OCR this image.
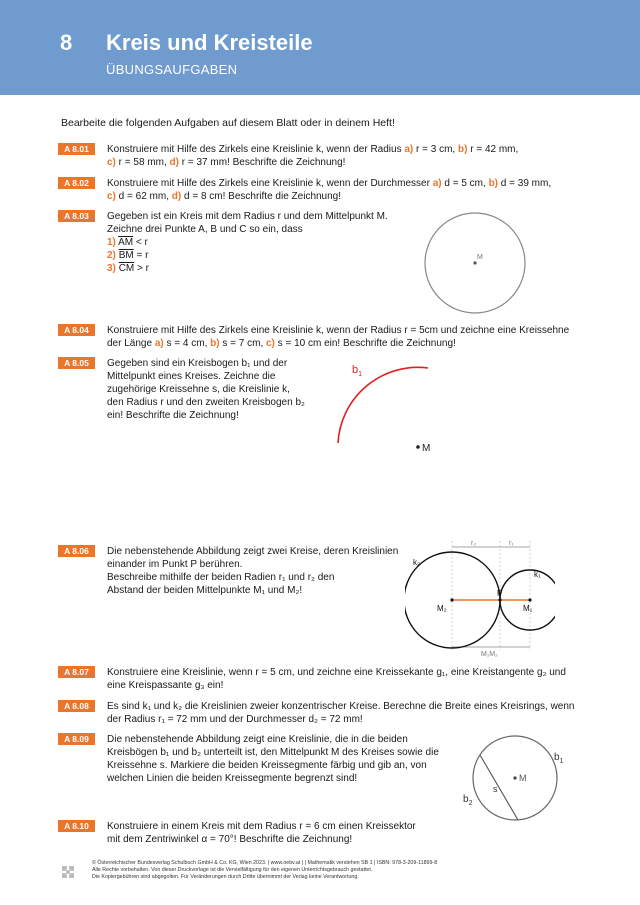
8 Kreis und Kreisteile
ÜBUNGSAUFGABEN
Bearbeite die folgenden Aufgaben auf diesem Blatt oder in deinem Heft!
A 8.01	Konstruiere mit Hilfe des Zirkels eine Kreislinie k, wenn der Radius a) r = 3 cm, b) r = 42 mm,
c) r = 58 mm, d) r = 37 mm! Beschrifte die Zeichnung!
A 8.02	Konstruiere mit Hilfe des Zirkels eine Kreislinie k, wenn der Durchmesser a) d = 5 cm, b) d = 39 mm,
c) d = 62 mm, d) d = 8 cm! Beschrifte die Zeichnung!
A 8.03	Gegeben ist ein Kreis mit dem Radius r und dem Mittelpunkt M.
Zeichne drei Punkte A, B und C so ein, dass
1) $\overline{AM} < r$
2) $\overline{BM} = r$
3) $\overline{CM} > r$
M
A 8.04	Konstruiere mit Hilfe des Zirkels eine Kreislinie k, wenn der Radius r = 5cm und zeichne eine Kreissehne
der Länge a) s = 4 cm, b) s = 7 cm, c) s = 10 cm ein! Beschrifte die Zeichnung!
A 8.05	Gegeben sind ein Kreisbogen b₁ und der
Mittelpunkt eines Kreises. Zeichne die
zugehörige Kreissehne s, die Kreislinie k,
den Radius r und den zweiten Kreisbogen b₂
ein! Beschrifte die Zeichnung!
$b_1$
M
A 8.06	Die nebenstehende Abbildung zeigt zwei Kreise, deren Kreislinien
einander im Punkt P berühren.
Beschreibe mithilfe der beiden Radien r₁ und r₂ den
Abstand der beiden Mittelpunkte M₁ und M₂!
r₂	r₁
M₁M₂
k₂
k₁
P
M₂	M₁
A 8.07	Konstruiere eine Kreislinie, wenn r = 5 cm, und zeichne eine Kreissekante g₁, eine Kreistangente g₂ und
eine Kreispassante g₃ ein!
A 8.08	Es sind k₁ und k₂ die Kreislinien zweier konzentrischer Kreise. Berechne die Breite eines Kreisrings, wenn
der Radius r₁ = 72 mm und der Durchmesser d₂ = 72 mm!
A 8.09	Die nebenstehende Abbildung zeigt eine Kreislinie, die in die beiden
Kreisbögen b₁ und b₂ unterteilt ist, den Mittelpunkt M des Kreises sowie die
Kreissehne s. Markiere die beiden Kreissegmente färbig und gib an, von
welchen Linien die beiden Kreissegmente begrenzt sind!	M
s
$b_1$
$b_2$
A 8.10	Konstruiere in einem Kreis mit dem Radius r = 6 cm einen Kreissektor
mit dem Zentriwinkel α = 70°! Beschrifte die Zeichnung!
© Österreichischer Bundesverlag Schulbuch GmbH & Co. KG, Wien 2023. | www.oebv.at | | Mathematik verstehen SB 1 | ISBN: 978-3-209-11899-8
Alle Rechte vorbehalten. Von dieser Druckvorlage ist die Vervielfältigung für den eigenen Unterrichtsgebrauch gestattet.
Die Kopiergebühren sind abgegolten. Für Veränderungen durch Dritte übernimmt der Verlag keine Verantwortung.
